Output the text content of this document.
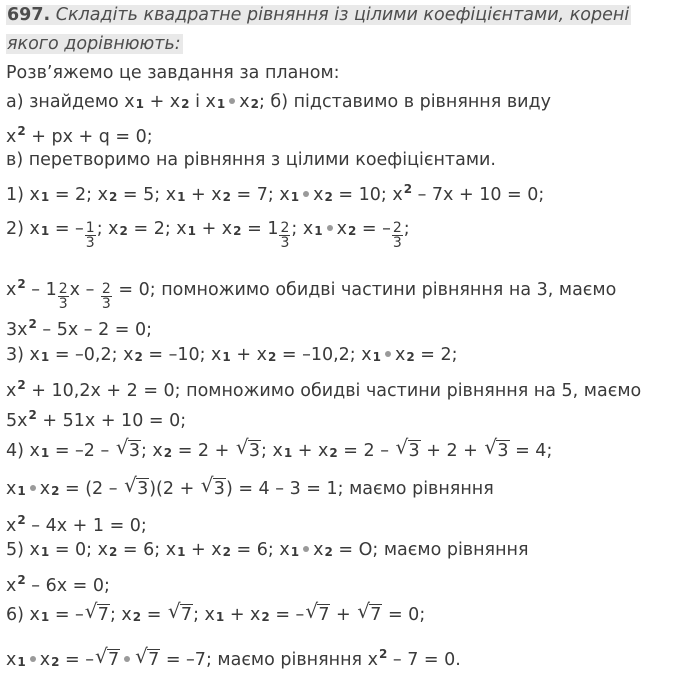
697. Складіть квадратне рівняння із цілими коефіцієнтами, корені
якого дорівнюють:
Розв’яжемо це завдання за планом:
а) знайдемо $x_1 + x_2$ і $x_1$ $x_2$; б) підставимо в рівняння виду
$x^2$ + px + q = 0;
в) перетворимо на рівняння з цілими коефіцієнтами.
1) $x_1 = 2$; $x_2 = 5$; $x_1 + x_2 = 7$; $x_1$ $x_2 = 10$; $x^2 - 7x + 10 = 0$;
2) $x_1$ = – $\frac{1}{3}$ ; $x_2 = 2$; $x_1 + x_2 = 1 \frac{2}{3}$ ; $x_1$ $x_2$ = – $\frac{2}{3}$ ;
$x^2 - 1 \frac{2}{3}$ $x - \frac{2}{3} = 0$; помножимо обидві частини рівняння на 3, маємо
$3x^2 - 5x - 2 = 0$;
3) $x_1 = -0,2$; $x_2 = -10$; $x_1 + x_2 = -10,2$; $x_1$ $x_2 = 2$;
$x^2 + 10,2x + 2 = 0$; помножимо обидві частини рівняння на 5, маємо
$5x^2 + 51x + 10 = 0$;
4) $x_1 = -2$ – √ 3; $x_2 = 2$ + √ 3; $x_1 + x_2 = 2$ – √ 3 + 2 + √ 3 = 4;
$x_1$ $x_2 = (2$ – √ 3)(2 + √ 3) = 4 – 3 = 1; маємо рівняння
$x^2 - 4x + 1 = 0$;
5) $x_1 = 0$; $x_2 = 6$; $x_1 + x_2 = 6$; $x_1$ $x_2 = O$; маємо рівняння
$x^2 - 6x = 0$;
6) $x_1$ = – √ 7; $x_2$ = √ 7; $x_1 + x_2$ = – √ 7 + √ 7 = 0;
$x_1$ $x_2$ = – √ 7 √ 7 = –7; маємо рівняння $x^2 - 7 = 0$.
